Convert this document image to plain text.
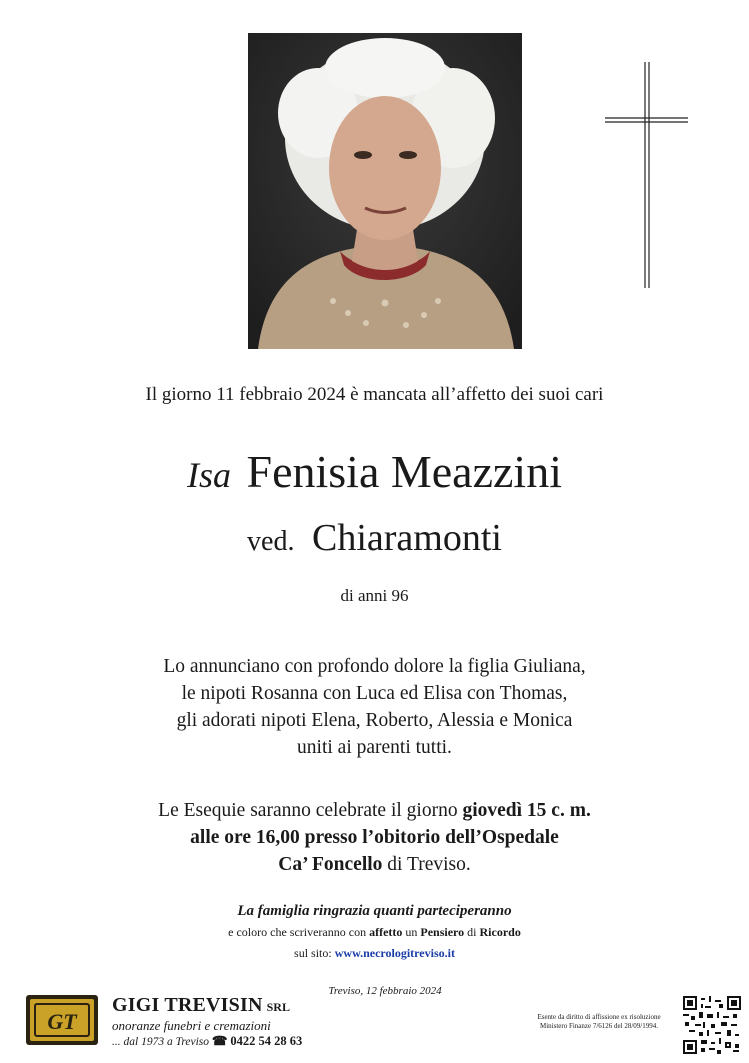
Il giorno 11 febbraio 2024 è mancata all’affetto dei suoi cari
Isa Fenisia Meazzini
ved. Chiaramonti
di anni 96
Lo annunciano con profondo dolore la figlia Giuliana,
le nipoti Rosanna con Luca ed Elisa con Thomas,
gli adorati nipoti Elena, Roberto, Alessia e Monica
uniti ai parenti tutti.
Le Esequie saranno celebrate il giorno giovedì 15 c. m.
alle ore 16,00 presso l’obitorio dell’Ospedale
Ca’ Foncello di Treviso.
La famiglia ringrazia quanti parteciperanno
e coloro che scriveranno con affetto un Pensiero di Ricordo
sul sito: www.necrologitreviso.it
Treviso, 12 febbraio 2024
GT
GIGI TREVISIN SRL
onoranze funebri e cremazioni
... dal 1973 a Treviso ☎ 0422 54 28 63
Esente da diritto di affissione ex risoluzione
Ministero Finanze 7/6126 del 28/09/1994.
